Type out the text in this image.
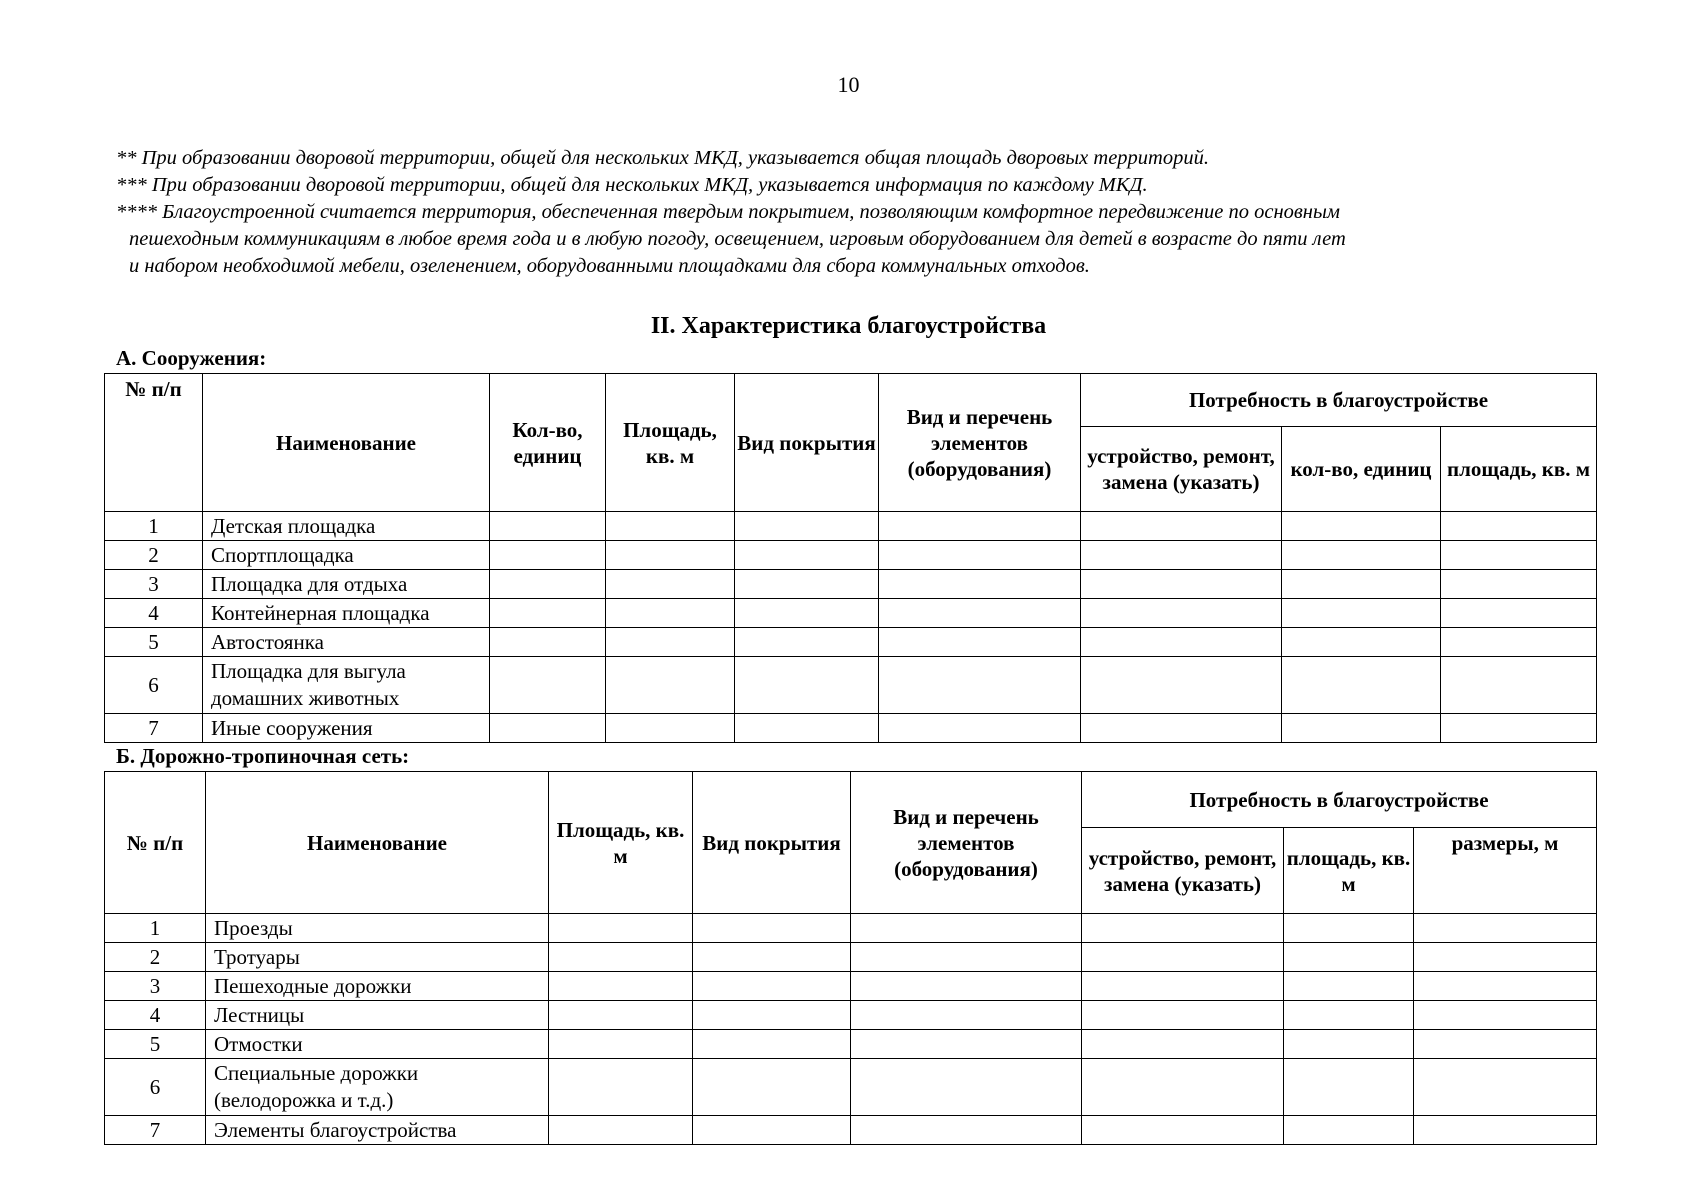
10

** При образовании дворовой территории, общей для нескольких МКД, указывается общая площадь дворовых территорий.

*** При образовании дворовой территории, общей для нескольких МКД, указывается информация по каждому МКД.

**** Благоустроенной считается территория, обеспеченная твердым покрытием, позволяющим комфортное передвижение по основным

пешеходным коммуникациям в любое время года и в любую погоду, освещением, игровым оборудованием для детей в возрасте до пяти лет

и набором необходимой мебели, озеленением, оборудованными площадками для сбора коммунальных отходов.

II. Характеристика благоустройства
А. Сооружения:
№ п/п	Наименование	Кол-во, единиц	Площадь, кв. м	Вид покрытия	Вид и перечень элементов (оборудования)	Потребность в благоустройстве		
						устройство, ремонт, замена (указать)	кол-во, единиц	площадь, кв. м
1	Детская площадка							
2	Спортплощадка							
3	Площадка для отдыха							
4	Контейнерная площадка							
5	Автостоянка							
6	Площадка для выгула домашних животных							
7	Иные сооружения							
Б. Дорожно-тропиночная сеть:
№ п/п	Наименование	Площадь, кв. м	Вид покрытия	Вид и перечень элементов (оборудования)	Потребность в благоустройстве		
					устройство, ремонт, замена (указать)	площадь, кв. м	размеры, м
1	Проезды						
2	Тротуары						
3	Пешеходные дорожки						
4	Лестницы						
5	Отмостки						
6	Специальные дорожки (велодорожка и т.д.)						
7	Элементы благоустройства						
